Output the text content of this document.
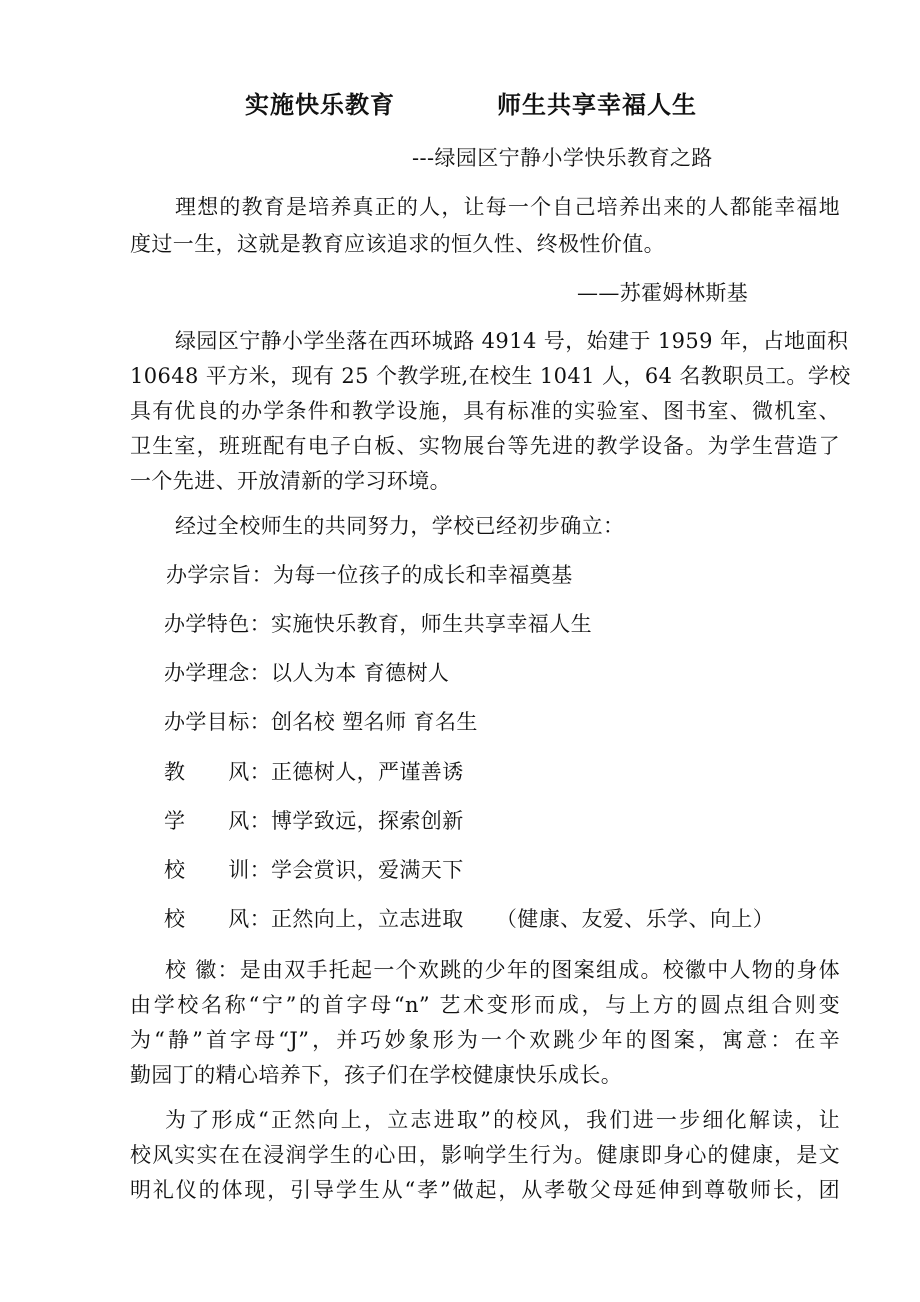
实施快乐教育	师生共享幸福人生
---绿园区宁静小学快乐教育之路
理想的教育是培养真正的人，让每一个自己培养出来的人都能幸福地
度过一生，这就是教育应该追求的恒久性、终极性价值。
——苏霍姆林斯基
绿园区宁静小学坐落在西环城路 4914 号，始建于 1959 年，占地面积
10648 平方米，现有 25 个教学班,在校生 1041 人，64 名教职员工。学校
具有优良的办学条件和教学设施，具有标准的实验室、图书室、微机室、
卫生室，班班配有电子白板、实物展台等先进的教学设备。为学生营造了
一个先进、开放清新的学习环境。
经过全校师生的共同努力，学校已经初步确立：
办学宗旨：为每一位孩子的成长和幸福奠基
办学特色：实施快乐教育，师生共享幸福人生
办学理念：以人为本 育德树人
办学目标：创名校 塑名师 育名生
教　　风：正德树人，严谨善诱
学　　风：博学致远，探索创新
校　　训：学会赏识，爱满天下
校　　风：正然向上，立志进取　　（健康、友爱、乐学、向上）
校 徽：是由双手托起一个欢跳的少年的图案组成。校徽中人物的身体
由学校名称“宁”的首字母“n” 艺术变形而成，与上方的圆点组合则变
为“静”首字母“J”，并巧妙象形为一个欢跳少年的图案，寓意：在辛
勤园丁的精心培养下，孩子们在学校健康快乐成长。
为了形成“正然向上，立志进取”的校风，我们进一步细化解读，让
校风实实在在浸润学生的心田，影响学生行为。健康即身心的健康，是文
明礼仪的体现，引导学生从“孝”做起，从孝敬父母延伸到尊敬师长，团
